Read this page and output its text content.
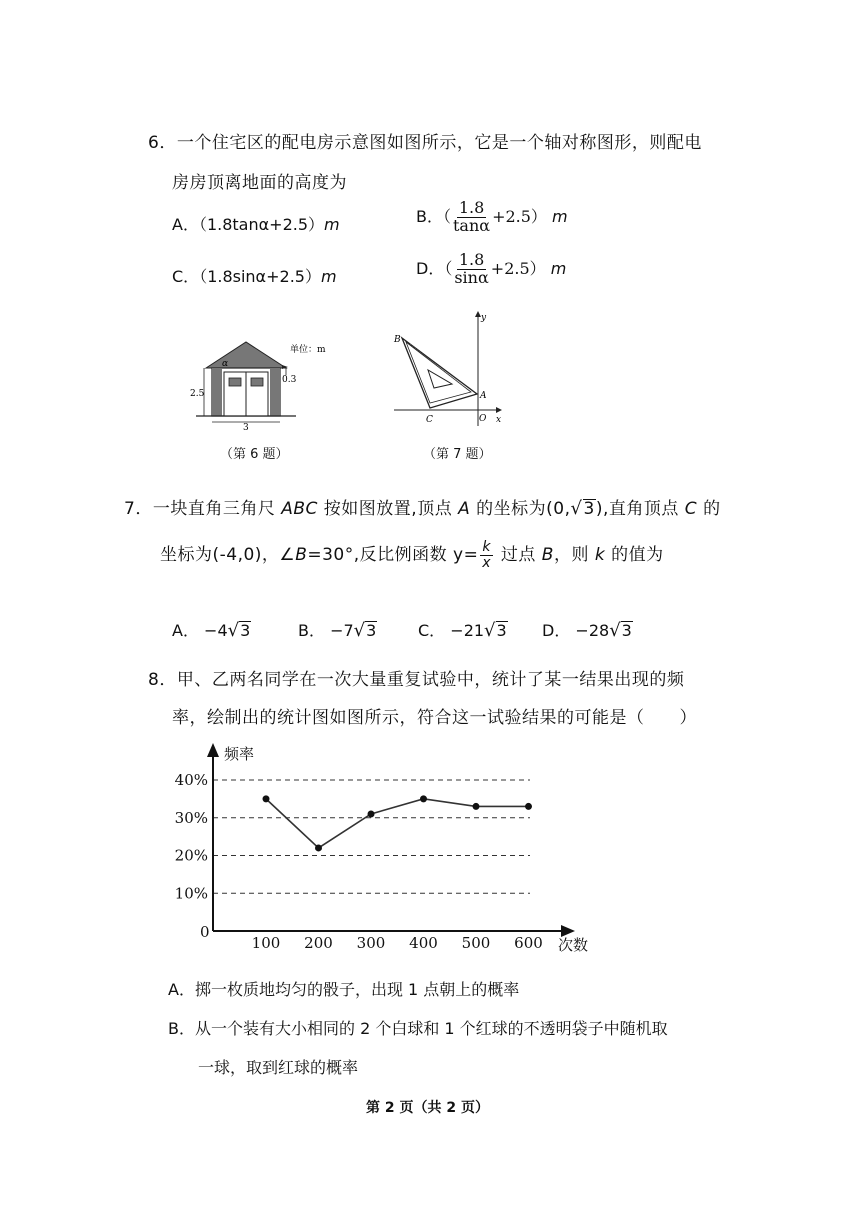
6．一个住宅区的配电房示意图如图所示，它是一个轴对称图形，则配电
房房顶离地面的高度为
A．（1.8tanα+2.5）m	B．（ $\frac{1.8}{\tan\alpha} +2.5$） m
C．（1.8sinα+2.5）m	D．（ $\frac{1.8}{\sin\alpha} +2.5$） m
α
单位：m
0.3
2.5
3
（第 6 题）
B
A
C	O
y
x
（第 7 题）
7．一块直角三角尺 ABC 按如图放置,顶点 A 的坐标为(0,√3),直角顶点 C 的
坐标为(-4,0)，∠B=30°,反比例函数 $y= \frac{k}{x}$ 过点 B，则 k 的值为
A． −4√3	B． −7√3	C． −21√3 D． −28√3
8．甲、乙两名同学在一次大量重复试验中，统计了某一结果出现的频
率，绘制出的统计图如图所示，符合这一试验结果的可能是（　　）
频率
次数
0
40%
30%
20%
10%
100 200 300 400 500 600
A．掷一枚质地均匀的骰子，出现 1 点朝上的概率
B．从一个装有大小相同的 2 个白球和 1 个红球的不透明袋子中随机取
一球，取到红球的概率
第 2 页（共 2 页）
